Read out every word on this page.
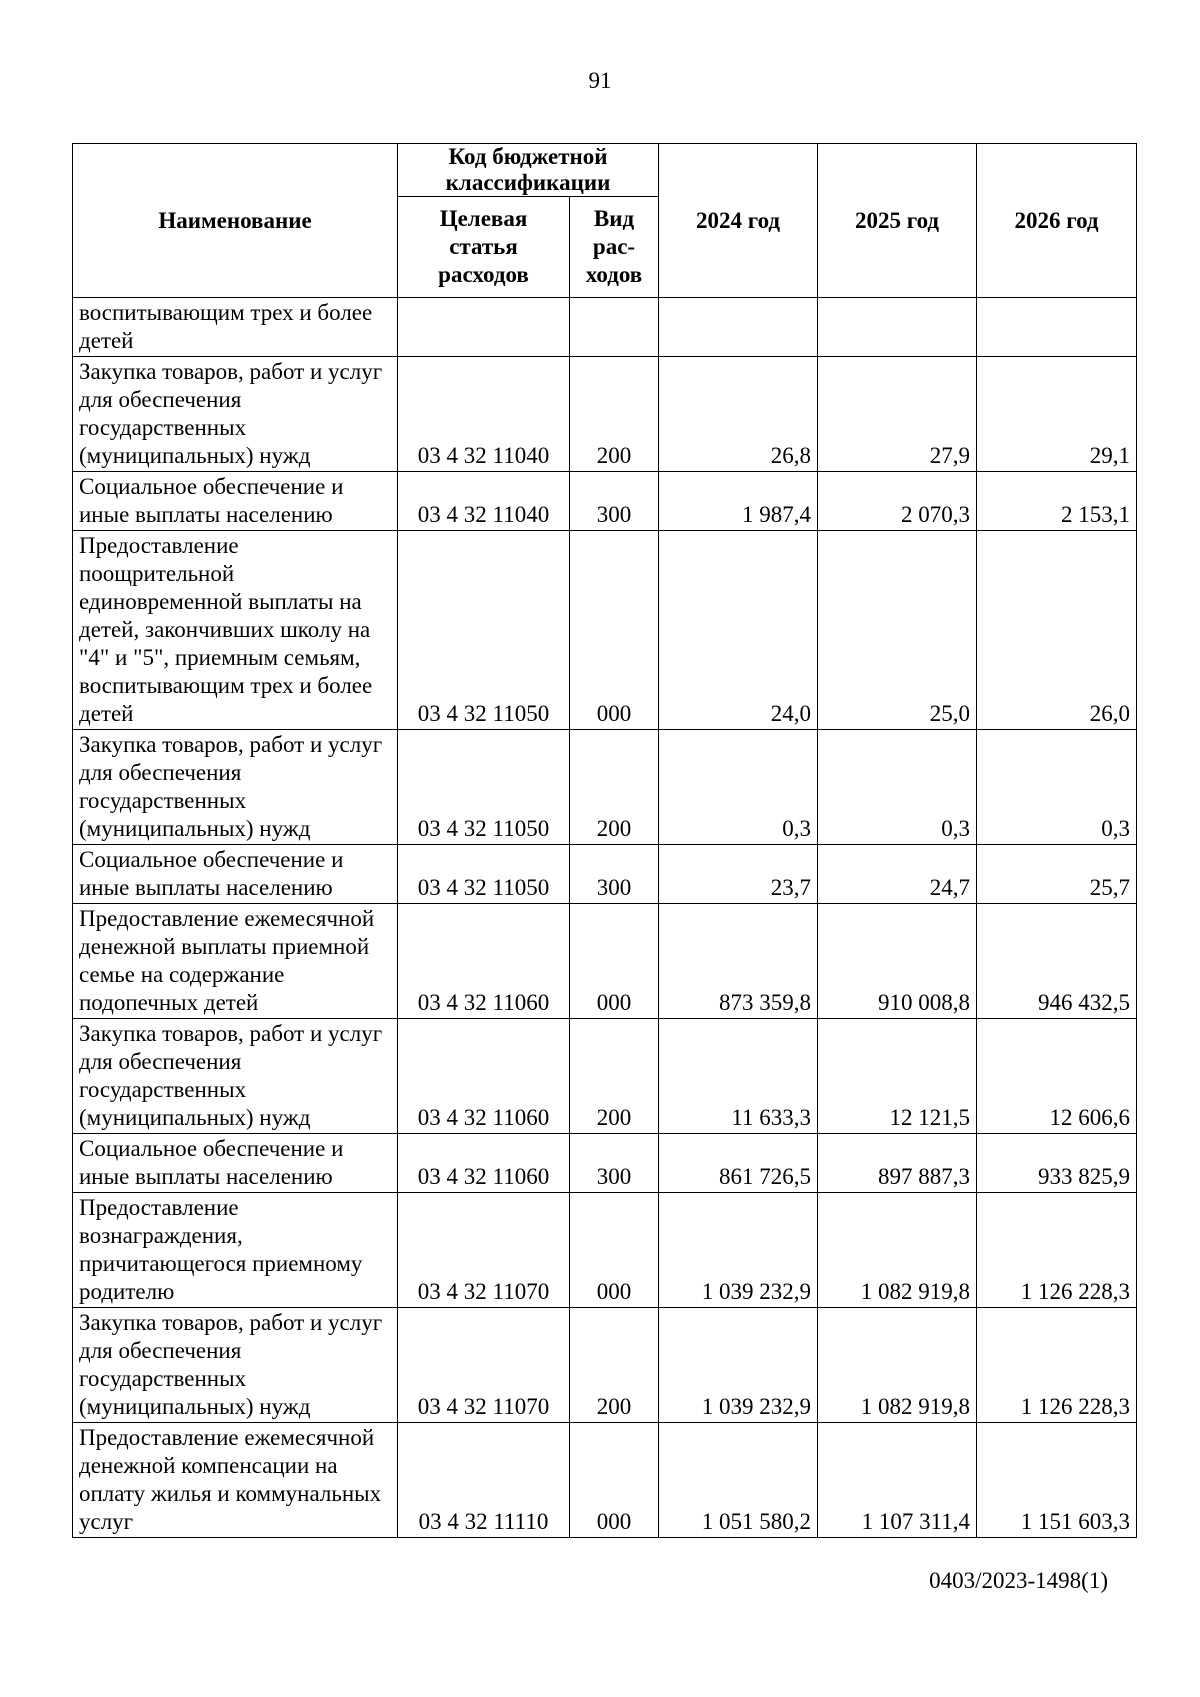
91
Наименование	Код бюджетной классификации		2024 год	2025 год	2026 год
	Целевая статья расходов	Вид рас-ходов			
воспитывающим трех и более детей					
Закупка товаров, работ и услуг для обеспечения государственных (муниципальных) нужд	03 4 32 11040	200	26,8	27,9	29,1
Социальное обеспечение и иные выплаты населению	03 4 32 11040	300	1 987,4	2 070,3	2 153,1
Предоставление поощрительной единовременной выплаты на детей, закончивших школу на "4" и "5", приемным семьям, воспитывающим трех и более детей	03 4 32 11050	000	24,0	25,0	26,0
Закупка товаров, работ и услуг для обеспечения государственных (муниципальных) нужд	03 4 32 11050	200	0,3	0,3	0,3
Социальное обеспечение и иные выплаты населению	03 4 32 11050	300	23,7	24,7	25,7
Предоставление ежемесячной денежной выплаты приемной семье на содержание подопечных детей	03 4 32 11060	000	873 359,8	910 008,8	946 432,5
Закупка товаров, работ и услуг для обеспечения государственных (муниципальных) нужд	03 4 32 11060	200	11 633,3	12 121,5	12 606,6
Социальное обеспечение и иные выплаты населению	03 4 32 11060	300	861 726,5	897 887,3	933 825,9
Предоставление вознаграждения, причитающегося приемному родителю	03 4 32 11070	000	1 039 232,9	1 082 919,8	1 126 228,3
Закупка товаров, работ и услуг для обеспечения государственных (муниципальных) нужд	03 4 32 11070	200	1 039 232,9	1 082 919,8	1 126 228,3
Предоставление ежемесячной денежной компенсации на оплату жилья и коммунальных услуг	03 4 32 11110	000	1 051 580,2	1 107 311,4	1 151 603,3
0403/2023-1498(1)
